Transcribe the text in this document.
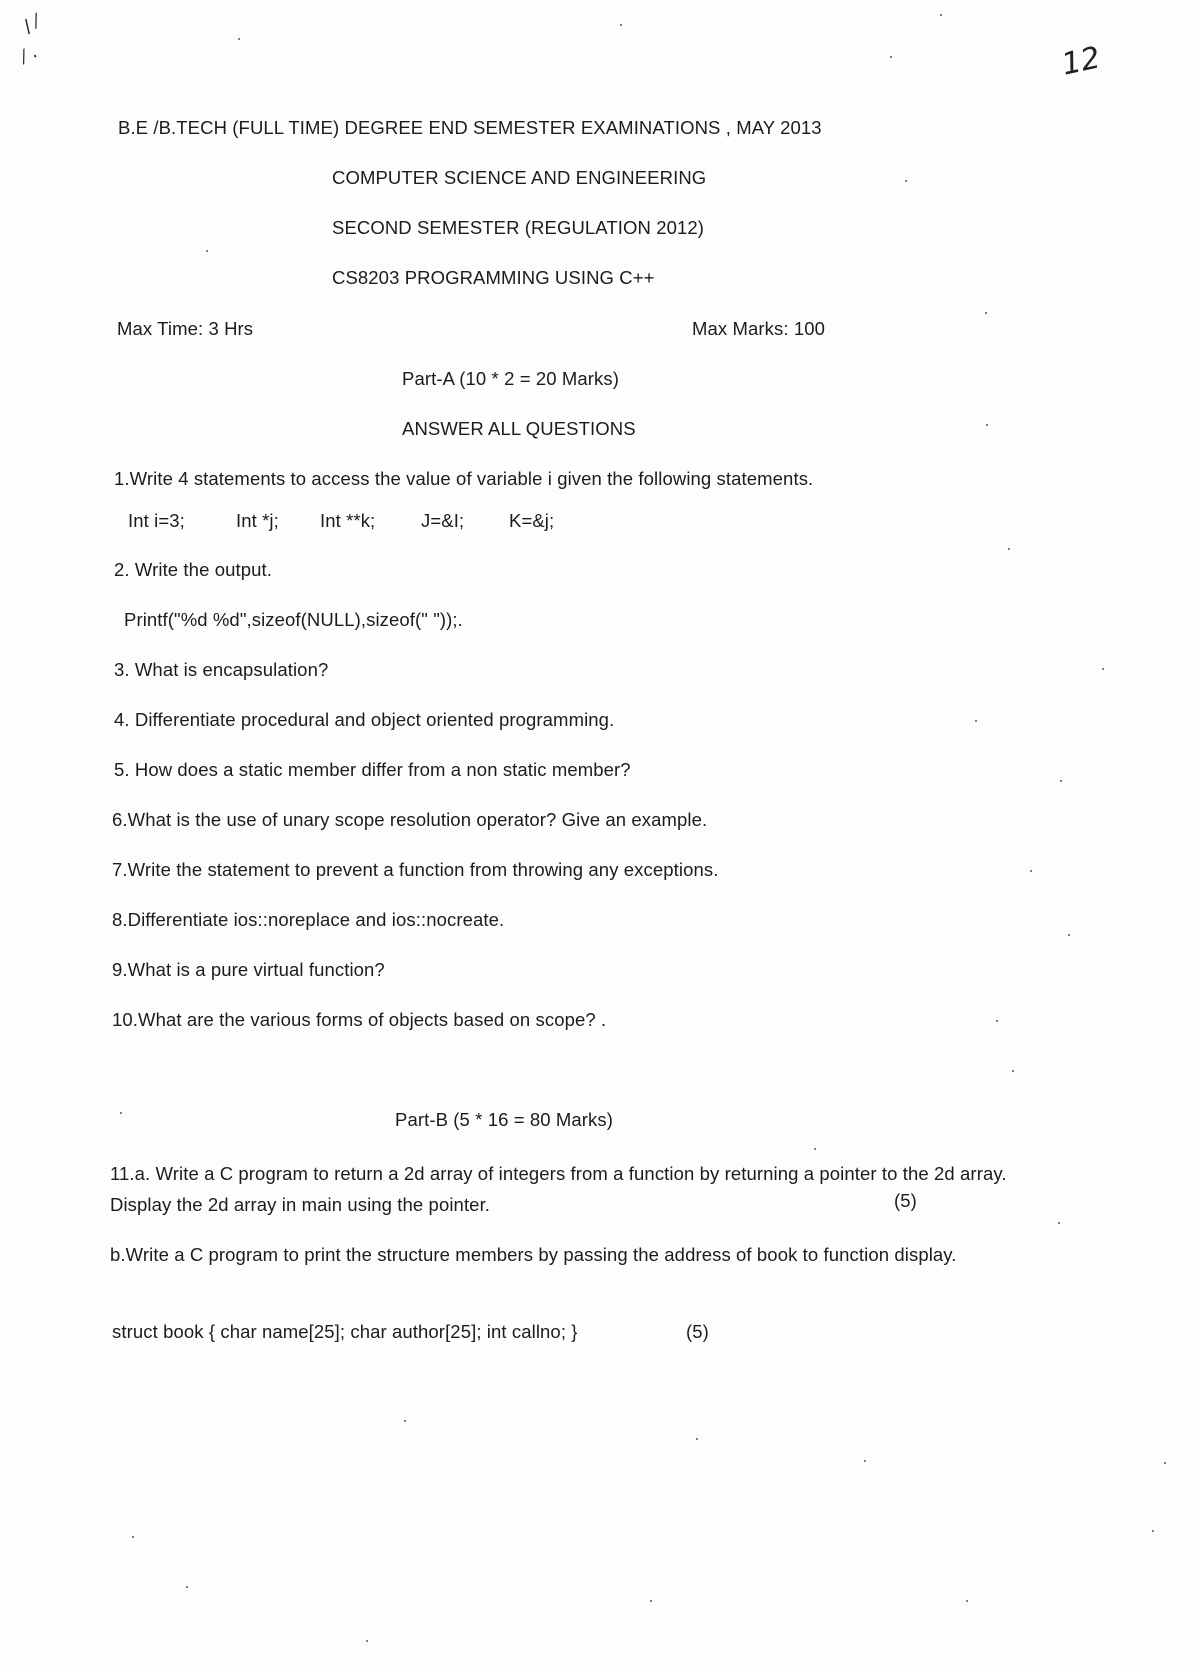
12
/ ⁄
⁄ .
B.E /B.TECH (FULL TIME) DEGREE END SEMESTER EXAMINATIONS , MAY 2013
COMPUTER SCIENCE AND ENGINEERING
SECOND SEMESTER (REGULATION 2012)
CS8203 PROGRAMMING USING C++
Max Time: 3 Hrs	Max Marks: 100
Part-A (10 * 2 = 20 Marks)
ANSWER ALL QUESTIONS
1.Write 4 statements to access the value of variable i given the following statements.
Int i=3;	Int *j; Int **k; J=&I; K=&j;
2. Write the output.
Printf("%d %d",sizeof(NULL),sizeof(" "));.
3. What is encapsulation?
4. Differentiate procedural and object oriented programming.
5. How does a static member differ from a non static member?
6.What is the use of unary scope resolution operator? Give an example.
7.Write the statement to prevent a function from throwing any exceptions.
8.Differentiate ios::noreplace and ios::nocreate.
9.What is a pure virtual function?
10.What are the various forms of objects based on scope? .
Part-B (5 * 16 = 80 Marks)
11.a. Write a C program to return a 2d array of integers from a function by returning a pointer to the 2d array. Display the 2d array in main using the pointer.	(5)
b.Write a C program to print the structure members by passing the address of book to function display.
struct book { char name[25]; char author[25]; int callno; }	(5)
